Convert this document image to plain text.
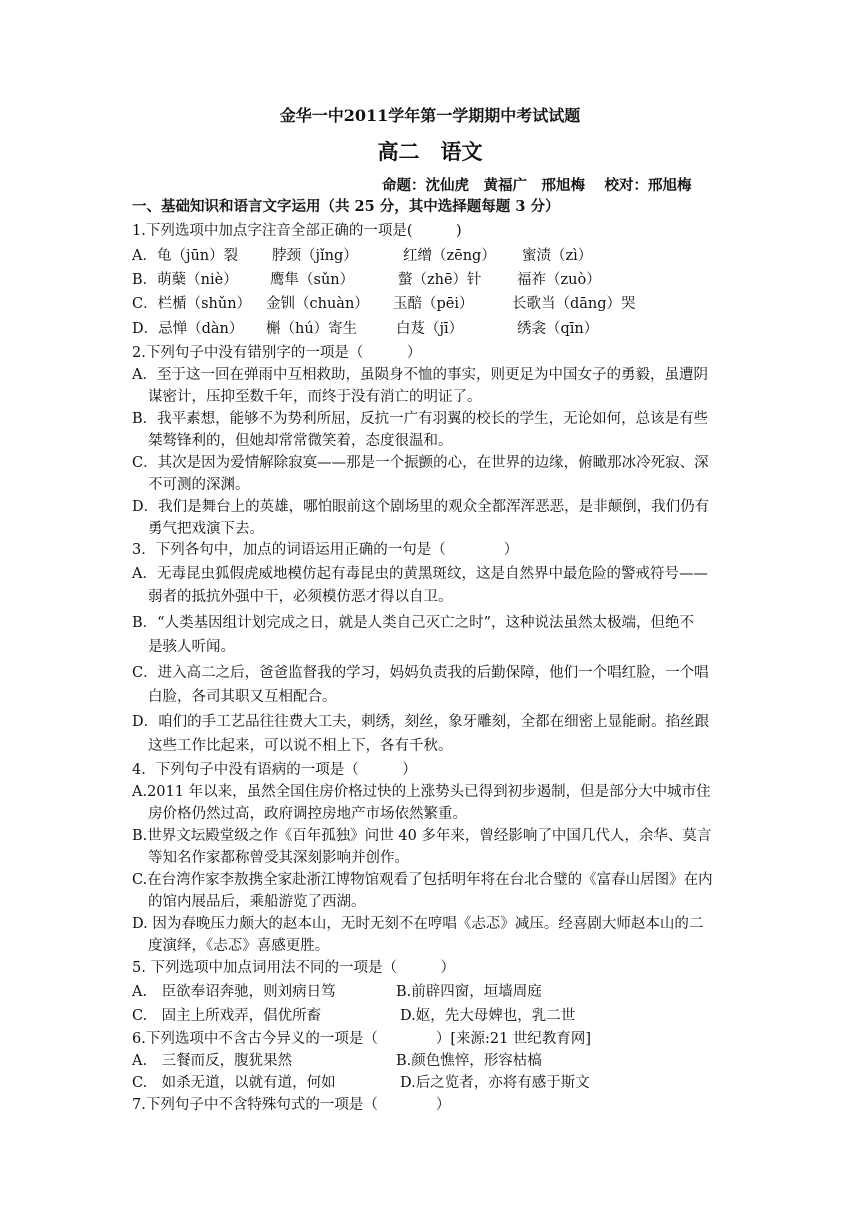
金华一中2011学年第一学期期中考试试题
高二　语文
命题：沈仙虎　黄福广　邢旭梅　 校对：邢旭梅
一、基础知识和语言文字运用（共 25 分，其中选择题每题 3 分）
1.下列选项中加点字注音全部正确的一项是(　　　)
A．龟（jūn）裂 脖颈（jǐng）	红缯（zēng） 蜜渍（zì）
B．萌蘖（niè） 鹰隼（sǔn）	螫（zhē）针 福祚（zuò）
C．栏楯（shǔn） 金钏（chuàn） 玉醅（pēi）	长歌当（dāng）哭
D．忌惮（dàn） 槲（hú）寄生	白芨（jī）	绣衾（qīn）
2.下列句子中没有错别字的一项是（　　　）
A．至于这一回在弹雨中互相救助，虽陨身不恤的事实，则更足为中国女子的勇毅，虽遭阴
谋密计，压抑至数千年，而终于没有消亡的明证了。
B．我平素想，能够不为势利所屈，反抗一广有羽翼的校长的学生，无论如何，总该是有些
桀骜锋利的，但她却常常微笑着，态度很温和。
C．其次是因为爱情解除寂寞——那是一个振颤的心，在世界的边缘，俯瞰那冰冷死寂、深
不可测的深渊。
D．我们是舞台上的英雄，哪怕眼前这个剧场里的观众全都浑浑恶恶，是非颠倒，我们仍有
勇气把戏演下去。
3．下列各句中，加点的词语运用正确的一句是（　　　　）
A．无毒昆虫狐假虎威地模仿起有毒昆虫的黄黑斑纹，这是自然界中最危险的警戒符号——
弱者的抵抗外强中干，必须模仿恶才得以自卫。
B．“人类基因组计划完成之日，就是人类自己灭亡之时”，这种说法虽然太极端，但绝不
是骇人听闻。
C．进入高二之后，爸爸监督我的学习，妈妈负责我的后勤保障，他们一个唱红脸，一个唱
白脸，各司其职又互相配合。
D．咱们的手工艺品往往费大工夫，刺绣，刻丝，象牙雕刻，全都在细密上显能耐。掐丝跟
这些工作比起来，可以说不相上下，各有千秋。
4．下列句子中没有语病的一项是（　　　）
A.2011 年以来，虽然全国住房价格过快的上涨势头已得到初步遏制，但是部分大中城市住
房价格仍然过高，政府调控房地产市场依然繁重。
B.世界文坛殿堂级之作《百年孤独》问世 40 多年来，曾经影响了中国几代人，余华、莫言
等知名作家都称曾受其深刻影响并创作。
C.在台湾作家李敖携全家赴浙江博物馆观看了包括明年将在台北合璧的《富春山居图》在内
的馆内展品后，乘船游览了西湖。
D. 因为春晚压力颇大的赵本山，无时无刻不在哼唱《忐忑》减压。经喜剧大师赵本山的二
度演绎，《忐忑》喜感更胜。
5. 下列选项中加点词用法不同的一项是（　　　）
A.　臣欲奉诏奔驰，则刘病日笃	B.前辟四窗，垣墙周庭
C.　固主上所戏弄，倡优所畜	D.妪，先大母婢也，乳二世
6.下列选项中不含古今异义的一项是（　　　　）[来源:21 世纪教育网]
A.　三餐而反，腹犹果然	B.颜色憔悴，形容枯槁
C.　如杀无道，以就有道，何如	D.后之览者，亦将有感于斯文
7.下列句子中不含特殊句式的一项是（　　　　）
